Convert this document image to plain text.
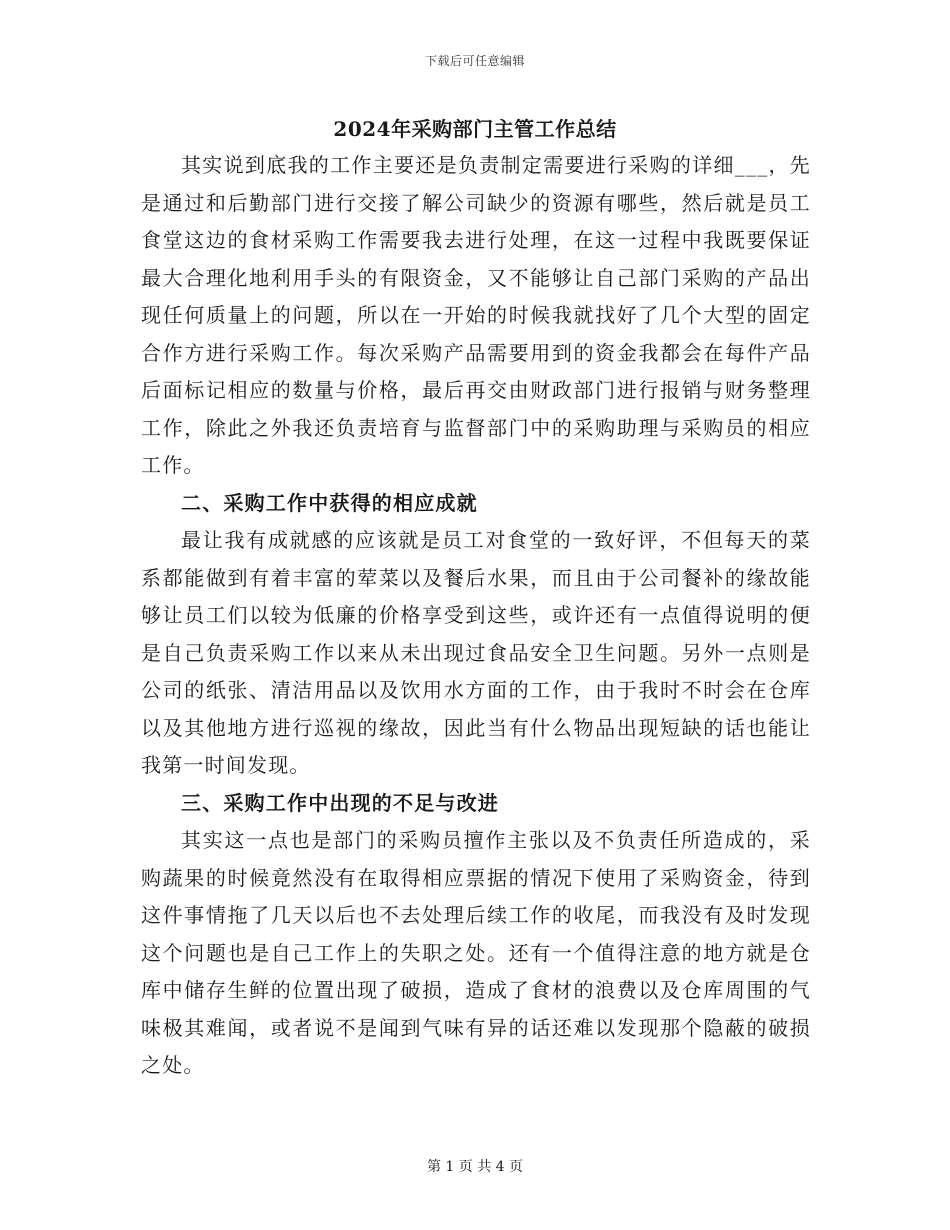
下载后可任意编辑
2024年采购部门主管工作总结

其实说到底我的工作主要还是负责制定需要进行采购的详细___，先是通过和后勤部门进行交接了解公司缺少的资源有哪些，然后就是员工食堂这边的食材采购工作需要我去进行处理，在这一过程中我既要保证最大合理化地利用手头的有限资金，又不能够让自己部门采购的产品出现任何质量上的问题，所以在一开始的时候我就找好了几个大型的固定合作方进行采购工作。每次采购产品需要用到的资金我都会在每件产品后面标记相应的数量与价格，最后再交由财政部门进行报销与财务整理工作，除此之外我还负责培育与监督部门中的采购助理与采购员的相应工作。

二、采购工作中获得的相应成就

最让我有成就感的应该就是员工对食堂的一致好评，不但每天的菜系都能做到有着丰富的荤菜以及餐后水果，而且由于公司餐补的缘故能够让员工们以较为低廉的价格享受到这些，或许还有一点值得说明的便是自己负责采购工作以来从未出现过食品安全卫生问题。另外一点则是公司的纸张、清洁用品以及饮用水方面的工作，由于我时不时会在仓库以及其他地方进行巡视的缘故，因此当有什么物品出现短缺的话也能让我第一时间发现。

三、采购工作中出现的不足与改进

其实这一点也是部门的采购员擅作主张以及不负责任所造成的，采购蔬果的时候竟然没有在取得相应票据的情况下使用了采购资金，待到这件事情拖了几天以后也不去处理后续工作的收尾，而我没有及时发现这个问题也是自己工作上的失职之处。还有一个值得注意的地方就是仓库中储存生鲜的位置出现了破损，造成了食材的浪费以及仓库周围的气味极其难闻，或者说不是闻到气味有异的话还难以发现那个隐蔽的破损之处。

第 1 页 共 4 页
